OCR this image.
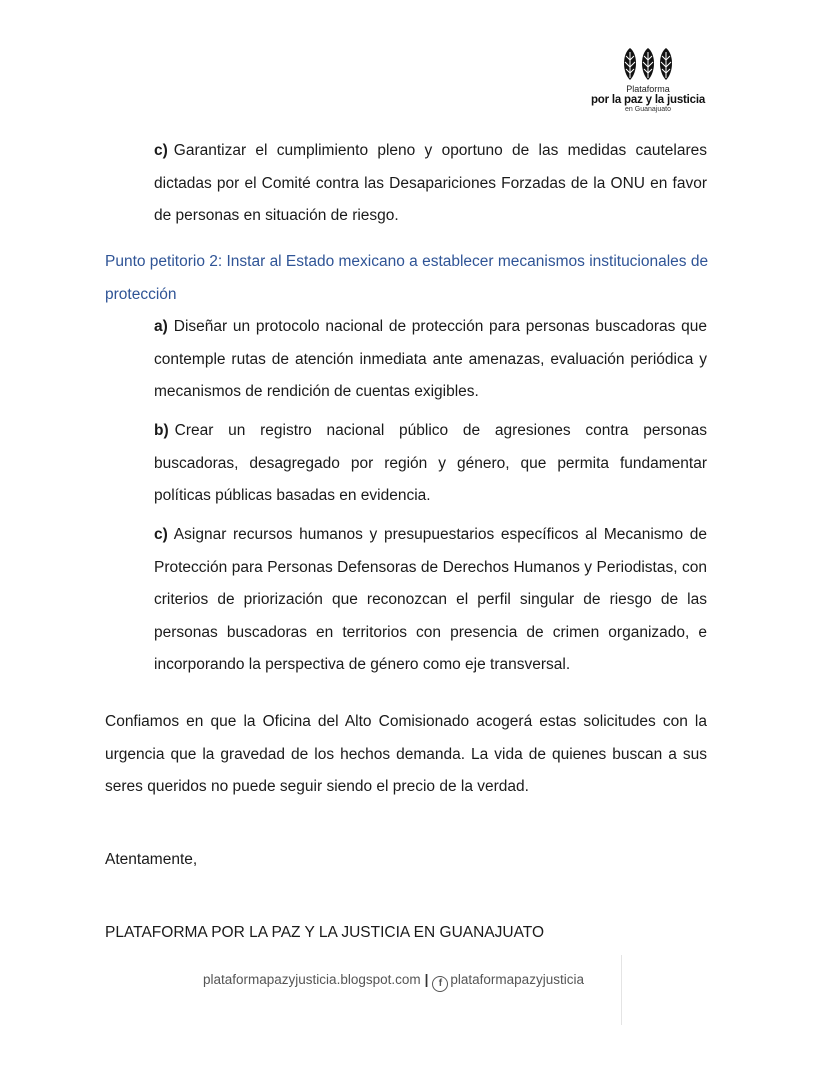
Plataforma
por la paz y la justicia
en Guanajuato
c) Garantizar el cumplimiento pleno y oportuno de las medidas cautelares dictadas por el Comité contra las Desapariciones Forzadas de la ONU en favor de personas en situación de riesgo.
Punto petitorio 2: Instar al Estado mexicano a establecer mecanismos institucionales de protección
a) Diseñar un protocolo nacional de protección para personas buscadoras que contemple rutas de atención inmediata ante amenazas, evaluación periódica y mecanismos de rendición de cuentas exigibles.
b) Crear un registro nacional público de agresiones contra personas buscadoras, desagregado por región y género, que permita fundamentar políticas públicas basadas en evidencia.
c) Asignar recursos humanos y presupuestarios específicos al Mecanismo de Protección para Personas Defensoras de Derechos Humanos y Periodistas, con criterios de priorización que reconozcan el perfil singular de riesgo de las personas buscadoras en territorios con presencia de crimen organizado, e incorporando la perspectiva de género como eje transversal.
Confiamos en que la Oficina del Alto Comisionado acogerá estas solicitudes con la urgencia que la gravedad de los hechos demanda. La vida de quienes buscan a sus seres queridos no puede seguir siendo el precio de la verdad.
Atentamente,
PLATAFORMA POR LA PAZ Y LA JUSTICIA EN GUANAJUATO
plataformapazyjusticia.blogspot.com | f plataformapazyjusticia
